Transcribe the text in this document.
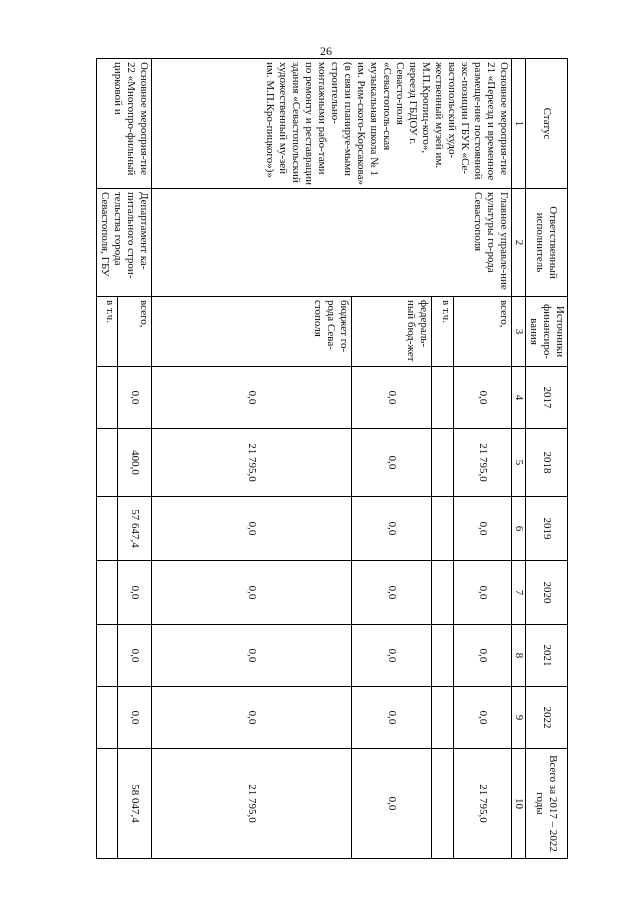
26
Статус	Ответственный исполнитель	Источники финансиро-вания	2017	2018	2019	2020	2021	2022	Всего за 2017 – 2022 годы
1	2	3	4	5	6	7	8	9	10
Основное мероприя-тие 21 «Переезд и временное размеще-ние постоянной экс-позиции ГБУК «Се-вастопольский худо-жественный музей им. М.П.Кропиц-кого», переезд ГБДОУ г. Севасто-поля «Севастополь-ская музыкальная школа № 1 им. Рим-ского-Корсакова» (в связи планируе-мыми строительно-монтажными рабо-тами по ремонту и реставрации здания «Севастопольский художественный му-зей им. М.П.Кро-пицкого»)»	Главное управле-ние культуры го-рода Севастополя	всего,	0,0	21 795,0	0,0	0,0	0,0	0,0	21 795,0
		в т.ч.							
		федераль-ный бюд-жет	0,0	0,0	0,0	0,0	0,0	0,0	0,0
		бюджет го-рода Сева-стополя	0,0	21 795,0	0,0	0,0	0,0	0,0	21 795,0
Основное мероприя-тие 22 «Многопро-фильный цирковой и	Департамент ка-питального строи-тельства города Севастополя, ГБУ	всего,	0,0	400,0	57 647,4	0,0	0,0	0,0	58 047,4
		в т.ч.							
